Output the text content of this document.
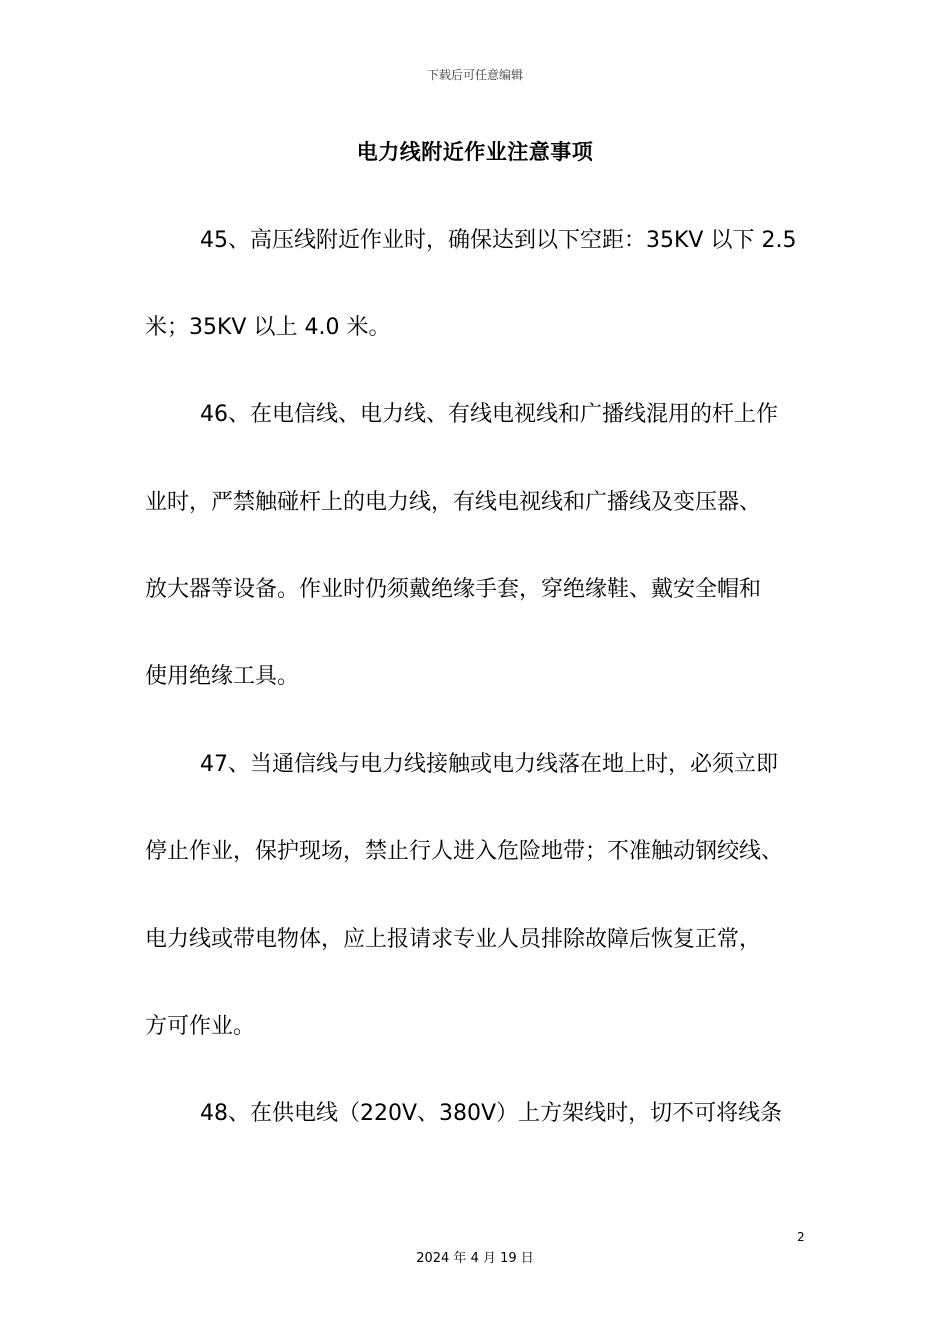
下载后可任意编辑
电力线附近作业注意事项
45、高压线附近作业时，确保达到以下空距：35KV 以下 2.5
米；35KV 以上 4.0 米。
46、在电信线、电力线、有线电视线和广播线混用的杆上作
业时，严禁触碰杆上的电力线，有线电视线和广播线及变压器、
放大器等设备。作业时仍须戴绝缘手套，穿绝缘鞋、戴安全帽和
使用绝缘工具。
47、当通信线与电力线接触或电力线落在地上时，必须立即
停止作业，保护现场，禁止行人进入危险地带；不准触动钢绞线、
电力线或带电物体，应上报请求专业人员排除故障后恢复正常，
方可作业。
48、在供电线（220V、380V）上方架线时，切不可将线条
2
2024 年 4 月 19 日
